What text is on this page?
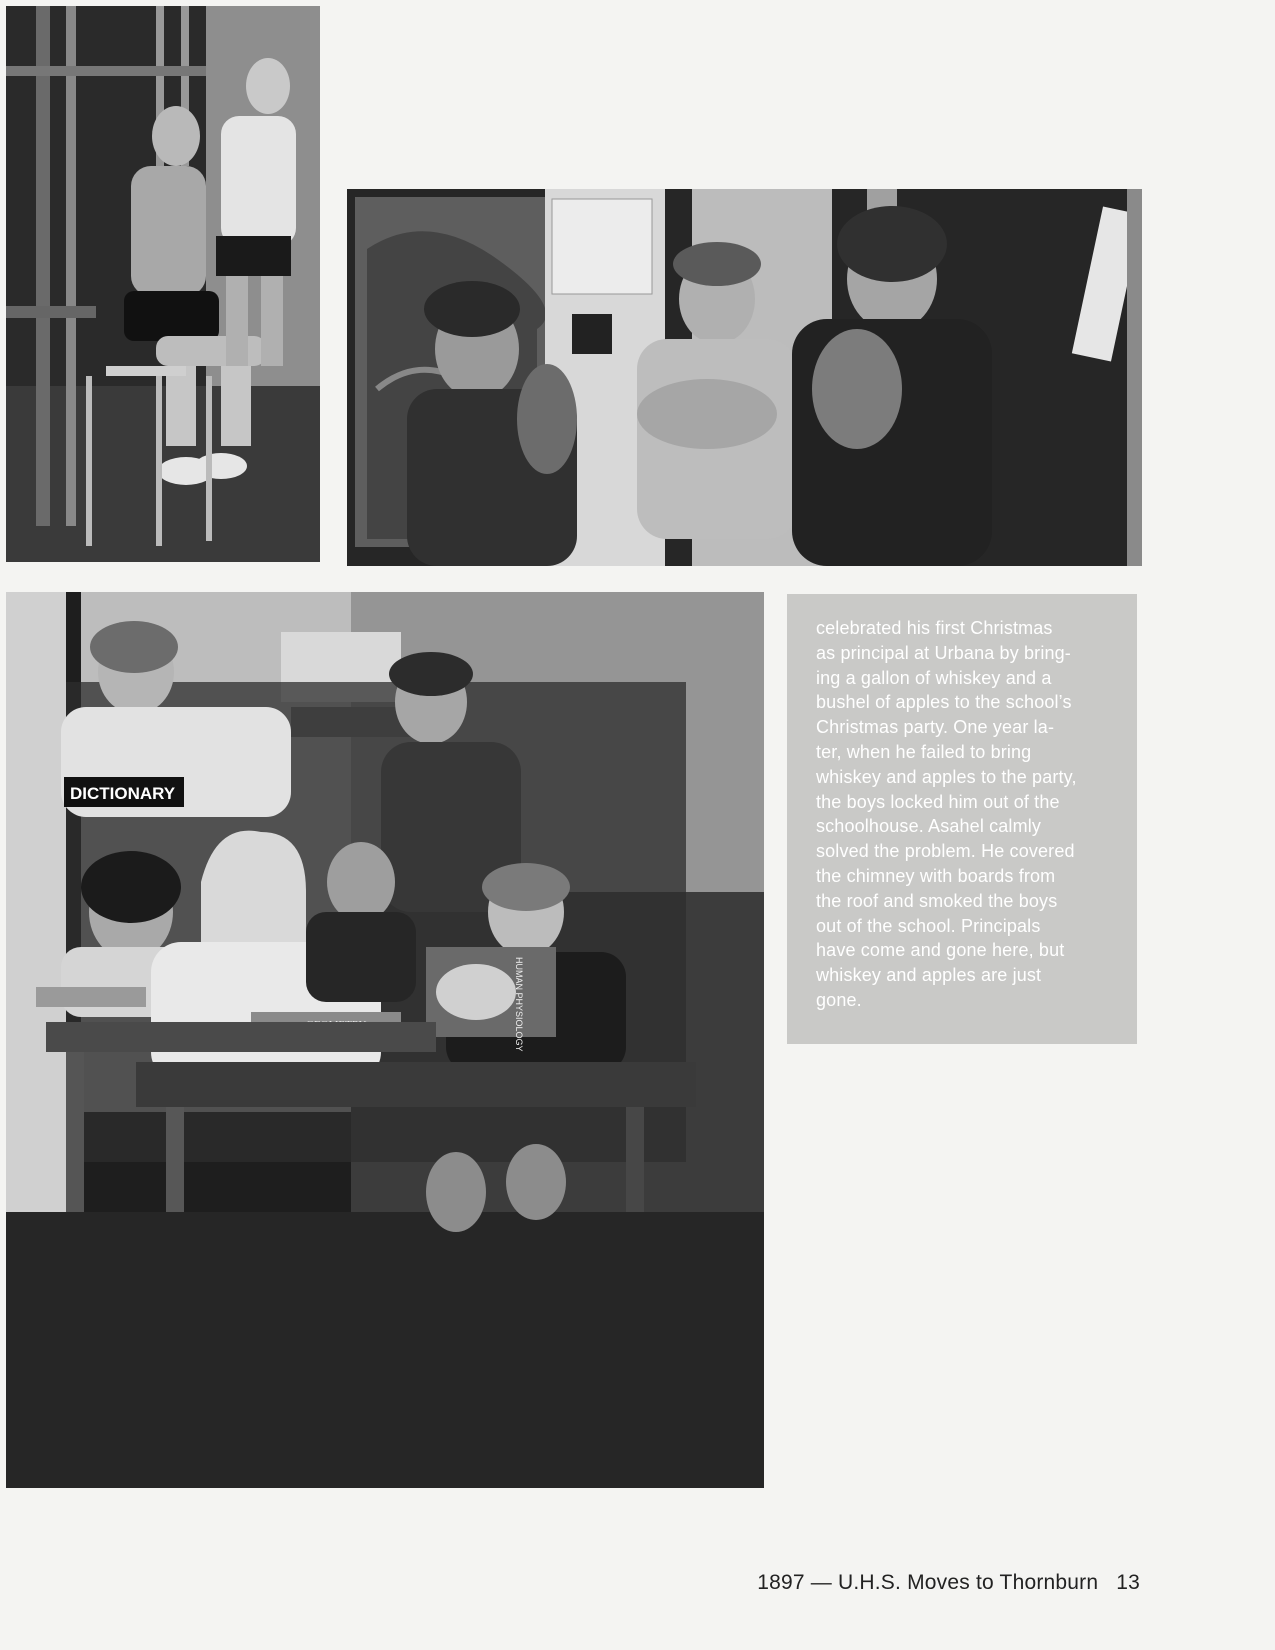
DICTIONARY
HUMAN PHYSIOLOGY

celebrated his first Christmas
as principal at Urbana by bring-
ing a gallon of whiskey and a
bushel of apples to the school’s
Christmas party. One year la-
ter, when he failed to bring
whiskey and apples to the party,
the boys locked him out of the
schoolhouse. Asahel calmly
solved the problem. He covered
the chimney with boards from
the roof and smoked the boys
out of the school. Principals
have come and gone here, but
whiskey and apples are just
gone.

1897 — U.H.S. Moves to Thornburn 13
